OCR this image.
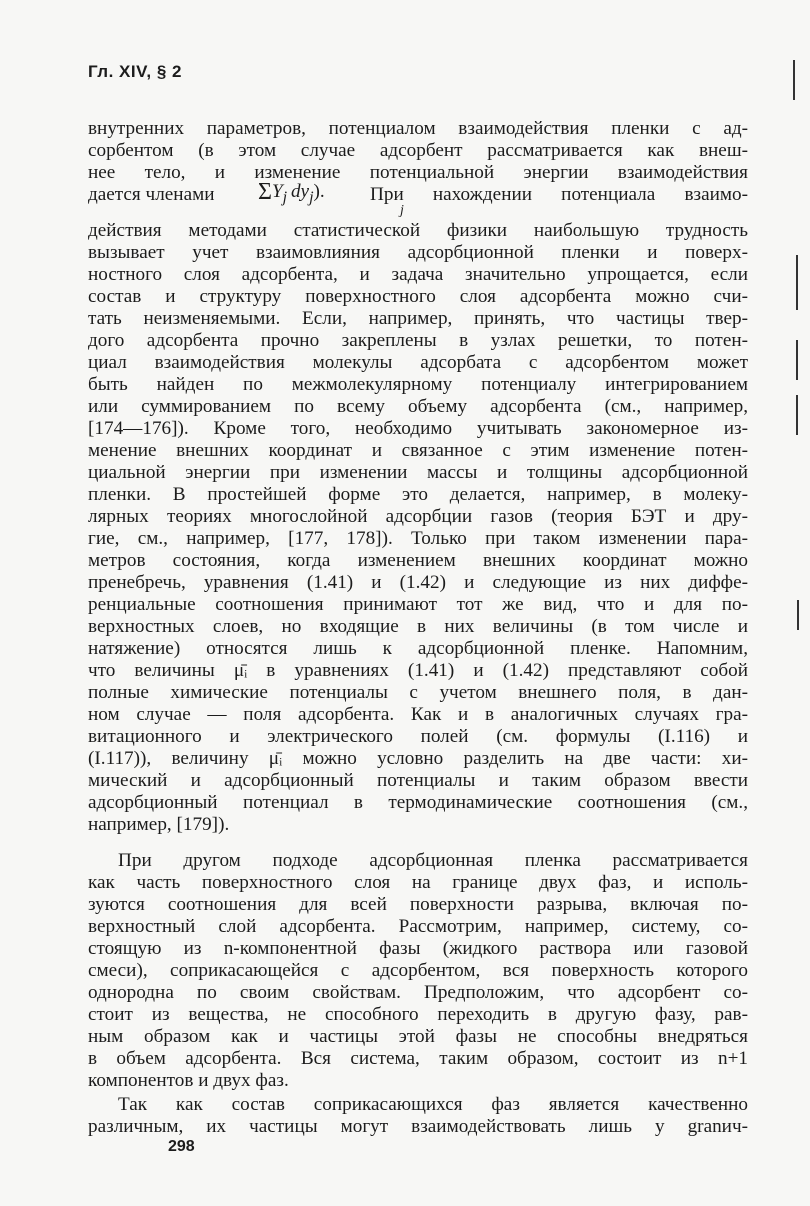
Гл. XIV, § 2
внутренних параметров, потенциалом взаимодействия пленки с ад-
сорбентом (в этом случае адсорбент рассматривается как внеш-
нее тело, и изменение потенциальной энергии взаимодействия
дается членами $\Sigma Y_j$  $dy_j$).
j
При нахождении потенциала взаимо-
действия методами статистической физики наибольшую трудность
вызывает учет взаимовлияния адсорбционной пленки и поверх-
ностного слоя адсорбента, и задача значительно упрощается, если
состав и структуру поверхностного слоя адсорбента можно счи-
тать неизменяемыми. Если, например, принять, что частицы твер-
дого адсорбента прочно закреплены в узлах решетки, то потен-
циал взаимодействия молекулы адсорбата с адсорбентом может
быть найден по межмолекулярному потенциалу интегрированием
или суммированием по всему объему адсорбента (см., например,
[174—176]). Кроме того, необходимо учитывать закономерное из-
менение внешних координат и связанное с этим изменение потен-
циальной энергии при изменении массы и толщины адсорбционной
пленки. В простейшей форме это делается, например, в молеку-
лярных теориях многослойной адсорбции газов (теория БЭТ и дру-
гие, см., например, [177, 178]). Только при таком изменении пара-
метров состояния, когда изменением внешних координат можно
пренебречь, уравнения (1.41) и (1.42) и следующие из них диффе-
ренциальные соотношения принимают тот же вид, что и для по-
верхностных слоев, но входящие в них величины (в том числе и
натяжение) относятся лишь к адсорбционной пленке. Напомним,
что величины μ̄ᵢ в уравнениях (1.41) и (1.42) представляют собой
полные химические потенциалы с учетом внешнего поля, в дан-
ном случае — поля адсорбента. Как и в аналогичных случаях гра-
витационного и электрического полей (см. формулы (I.116) и
(I.117)), величину μ̄ᵢ можно условно разделить на две части: хи-
мический и адсорбционный потенциалы и таким образом ввести
адсорбционный потенциал в термодинамические соотношения (см.,
например, [179]).
При другом подходе адсорбционная пленка рассматривается
как часть поверхностного слоя на границе двух фаз, и исполь-
зуются соотношения для всей поверхности разрыва, включая по-
верхностный слой адсорбента. Рассмотрим, например, систему, со-
стоящую из n-компонентной фазы (жидкого раствора или газовой
смеси), соприкасающейся с адсорбентом, вся поверхность которого
однородна по своим свойствам. Предположим, что адсорбент со-
стоит из вещества, не способного переходить в другую фазу, рав-
ным образом как и частицы этой фазы не способны внедряться
в объем адсорбента. Вся система, таким образом, состоит из n+1
компонентов и двух фаз.
Так как состав соприкасающихся фаз является качественно
различным, их частицы могут взаимодействовать лишь у granич-
298
